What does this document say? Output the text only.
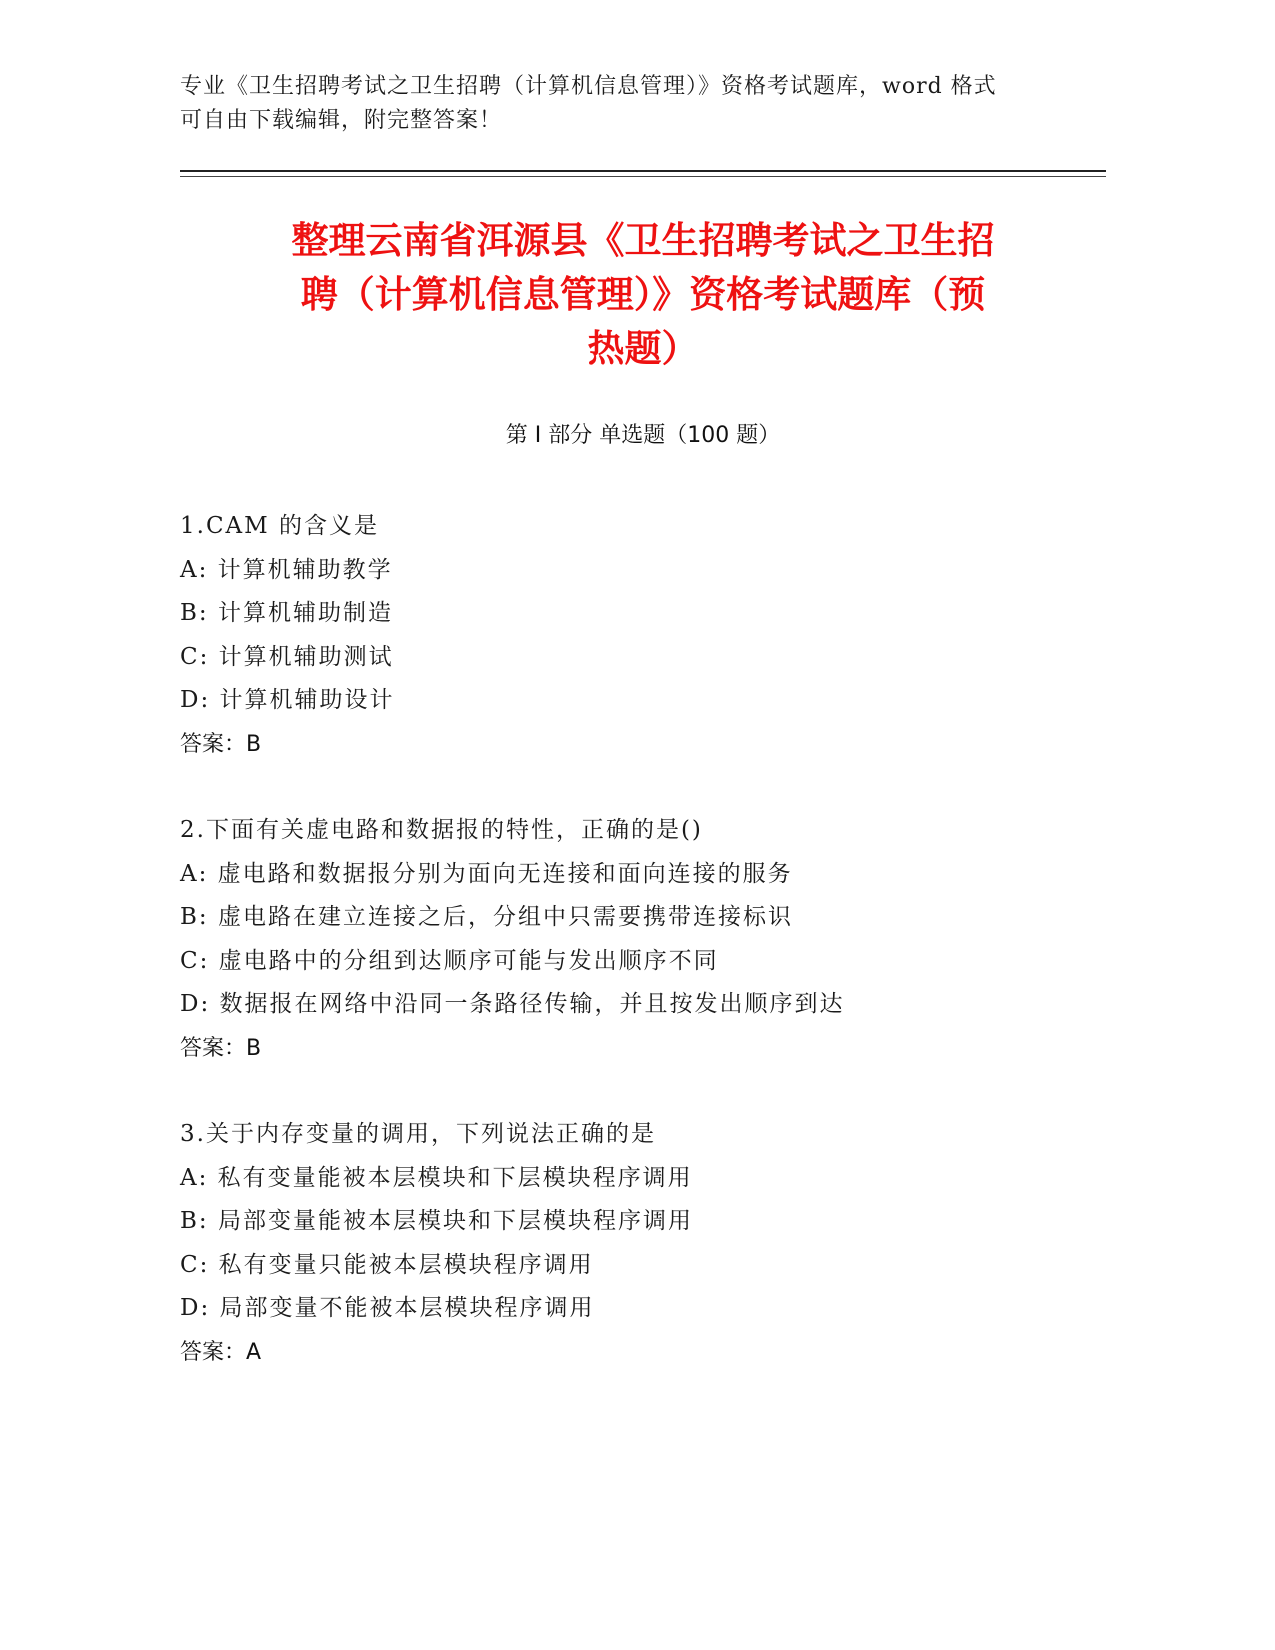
专业《卫生招聘考试之卫生招聘（计算机信息管理）》资格考试题库，word 格式
可自由下载编辑，附完整答案！
整理云南省洱源县《卫生招聘考试之卫生招
聘（计算机信息管理）》资格考试题库（预
热题）
第 I 部分 单选题（100 题）
1.CAM 的含义是
A: 计算机辅助教学
B: 计算机辅助制造
C: 计算机辅助测试
D: 计算机辅助设计
答案：B
2.下面有关虚电路和数据报的特性，正确的是()
A: 虚电路和数据报分别为面向无连接和面向连接的服务
B: 虚电路在建立连接之后，分组中只需要携带连接标识
C: 虚电路中的分组到达顺序可能与发出顺序不同
D: 数据报在网络中沿同一条路径传输，并且按发出顺序到达
答案：B
3.关于内存变量的调用，下列说法正确的是
A: 私有变量能被本层模块和下层模块程序调用
B: 局部变量能被本层模块和下层模块程序调用
C: 私有变量只能被本层模块程序调用
D: 局部变量不能被本层模块程序调用
答案：A
